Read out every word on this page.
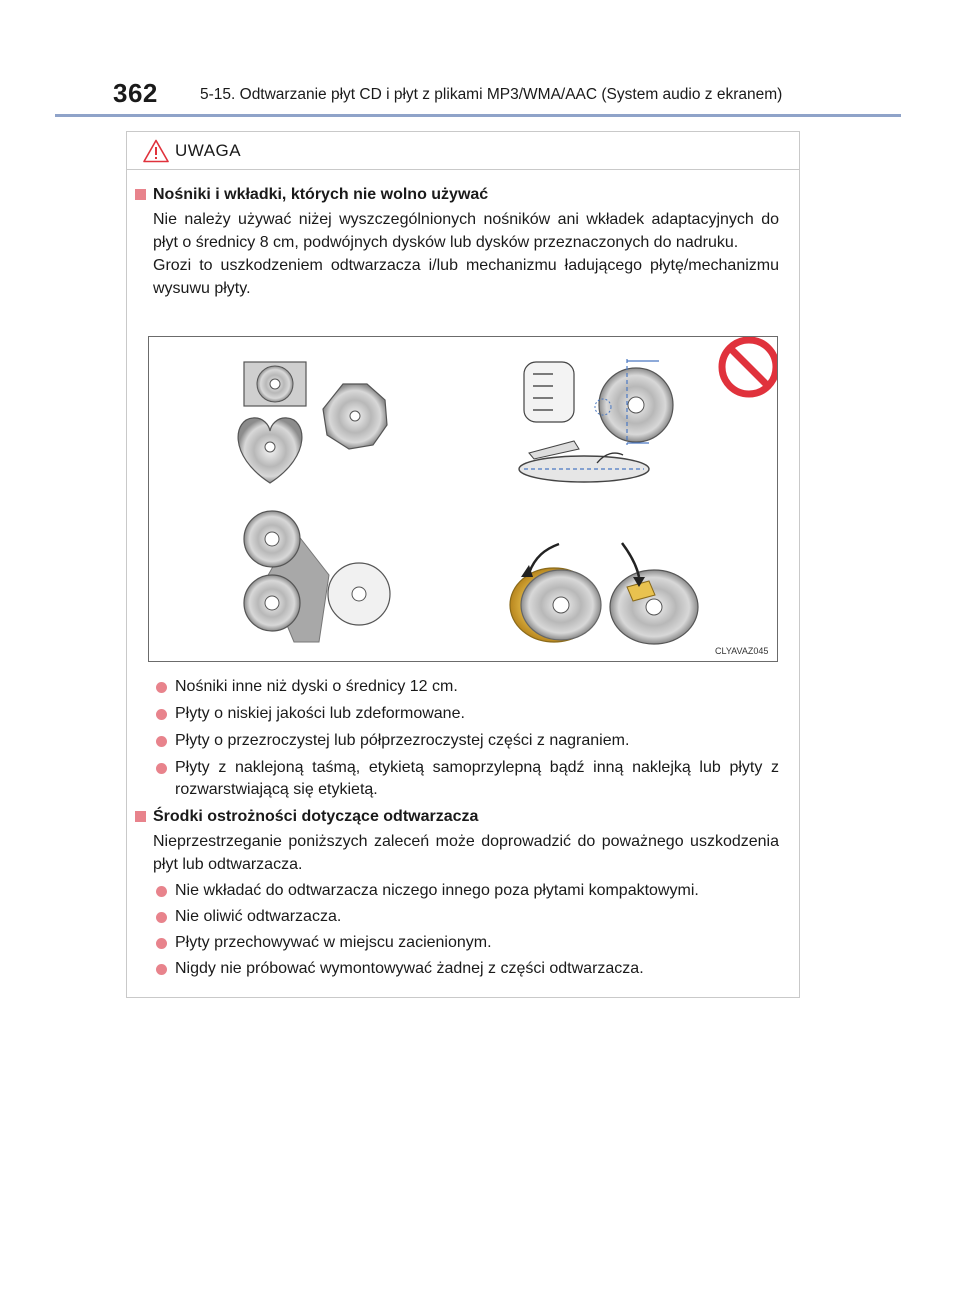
362	5-15. Odtwarzanie płyt CD i płyt z plikami MP3/WMA/AAC (System audio z ekranem)
UWAGA
Nośniki i wkładki, których nie wolno używać
Nie należy używać niżej wyszczególnionych nośników ani wkładek adaptacyjnych do płyt o średnicy 8 cm, podwójnych dysków lub dysków przeznaczonych do nadruku.
Grozi to uszkodzeniem odtwarzacza i/lub mechanizmu ładującego płytę/mechanizmu wysuwu płyty.
CLYAVAZ045
Nośniki inne niż dyski o średnicy 12 cm.
Płyty o niskiej jakości lub zdeformowane.
Płyty o przezroczystej lub półprzezroczystej części z nagraniem.
Płyty z naklejoną taśmą, etykietą samoprzylepną bądź inną naklejką lub płyty z rozwarstwiającą się etykietą.
Środki ostrożności dotyczące odtwarzacza
Nieprzestrzeganie poniższych zaleceń może doprowadzić do poważnego uszkodzenia płyt lub odtwarzacza.
Nie wkładać do odtwarzacza niczego innego poza płytami kompaktowymi.
Nie oliwić odtwarzacza.
Płyty przechowywać w miejscu zacienionym.
Nigdy nie próbować wymontowywać żadnej z części odtwarzacza.
